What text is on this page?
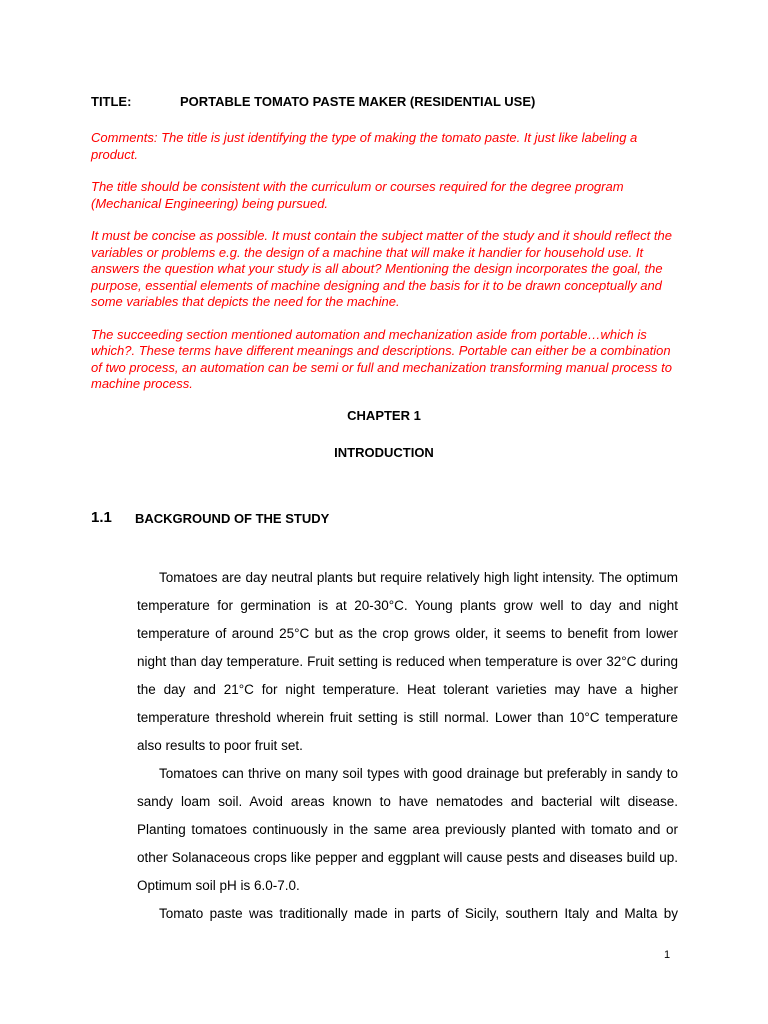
TITLE:	PORTABLE TOMATO PASTE MAKER (RESIDENTIAL USE)

Comments: The title is just identifying the type of making the tomato paste. It just like labeling a product.

The title should be consistent with the curriculum or courses required for the degree program (Mechanical Engineering) being pursued.

It must be concise as possible. It must contain the subject matter of the study and it should reflect the variables or problems e.g. the design of a machine that will make it handier for household use. It answers the question what your study is all about? Mentioning the design incorporates the goal, the purpose, essential elements of machine designing and the basis for it to be drawn conceptually and some variables that depicts the need for the machine.

The succeeding section mentioned automation and mechanization aside from portable…which is which?. These terms have different meanings and descriptions. Portable can either be a combination of two process, an automation can be semi or full and mechanization transforming manual process to machine process.

CHAPTER 1
INTRODUCTION
1.1 BACKGROUND OF THE STUDY

Tomatoes are day neutral plants but require relatively high light intensity. The optimum temperature for germination is at 20-30°C. Young plants grow well to day and night temperature of around 25°C but as the crop grows older, it seems to benefit from lower night than day temperature. Fruit setting is reduced when temperature is over 32°C during the day and 21°C for night temperature. Heat tolerant varieties may have a higher temperature threshold wherein fruit setting is still normal. Lower than 10°C temperature also results to poor fruit set.

Tomatoes can thrive on many soil types with good drainage but preferably in sandy to sandy loam soil. Avoid areas known to have nematodes and bacterial wilt disease. Planting tomatoes continuously in the same area previously planted with tomato and or other Solanaceous crops like pepper and eggplant will cause pests and diseases build up. Optimum soil pH is 6.0-7.0.

Tomato paste was traditionally made in parts of Sicily, southern Italy and Malta by

1
